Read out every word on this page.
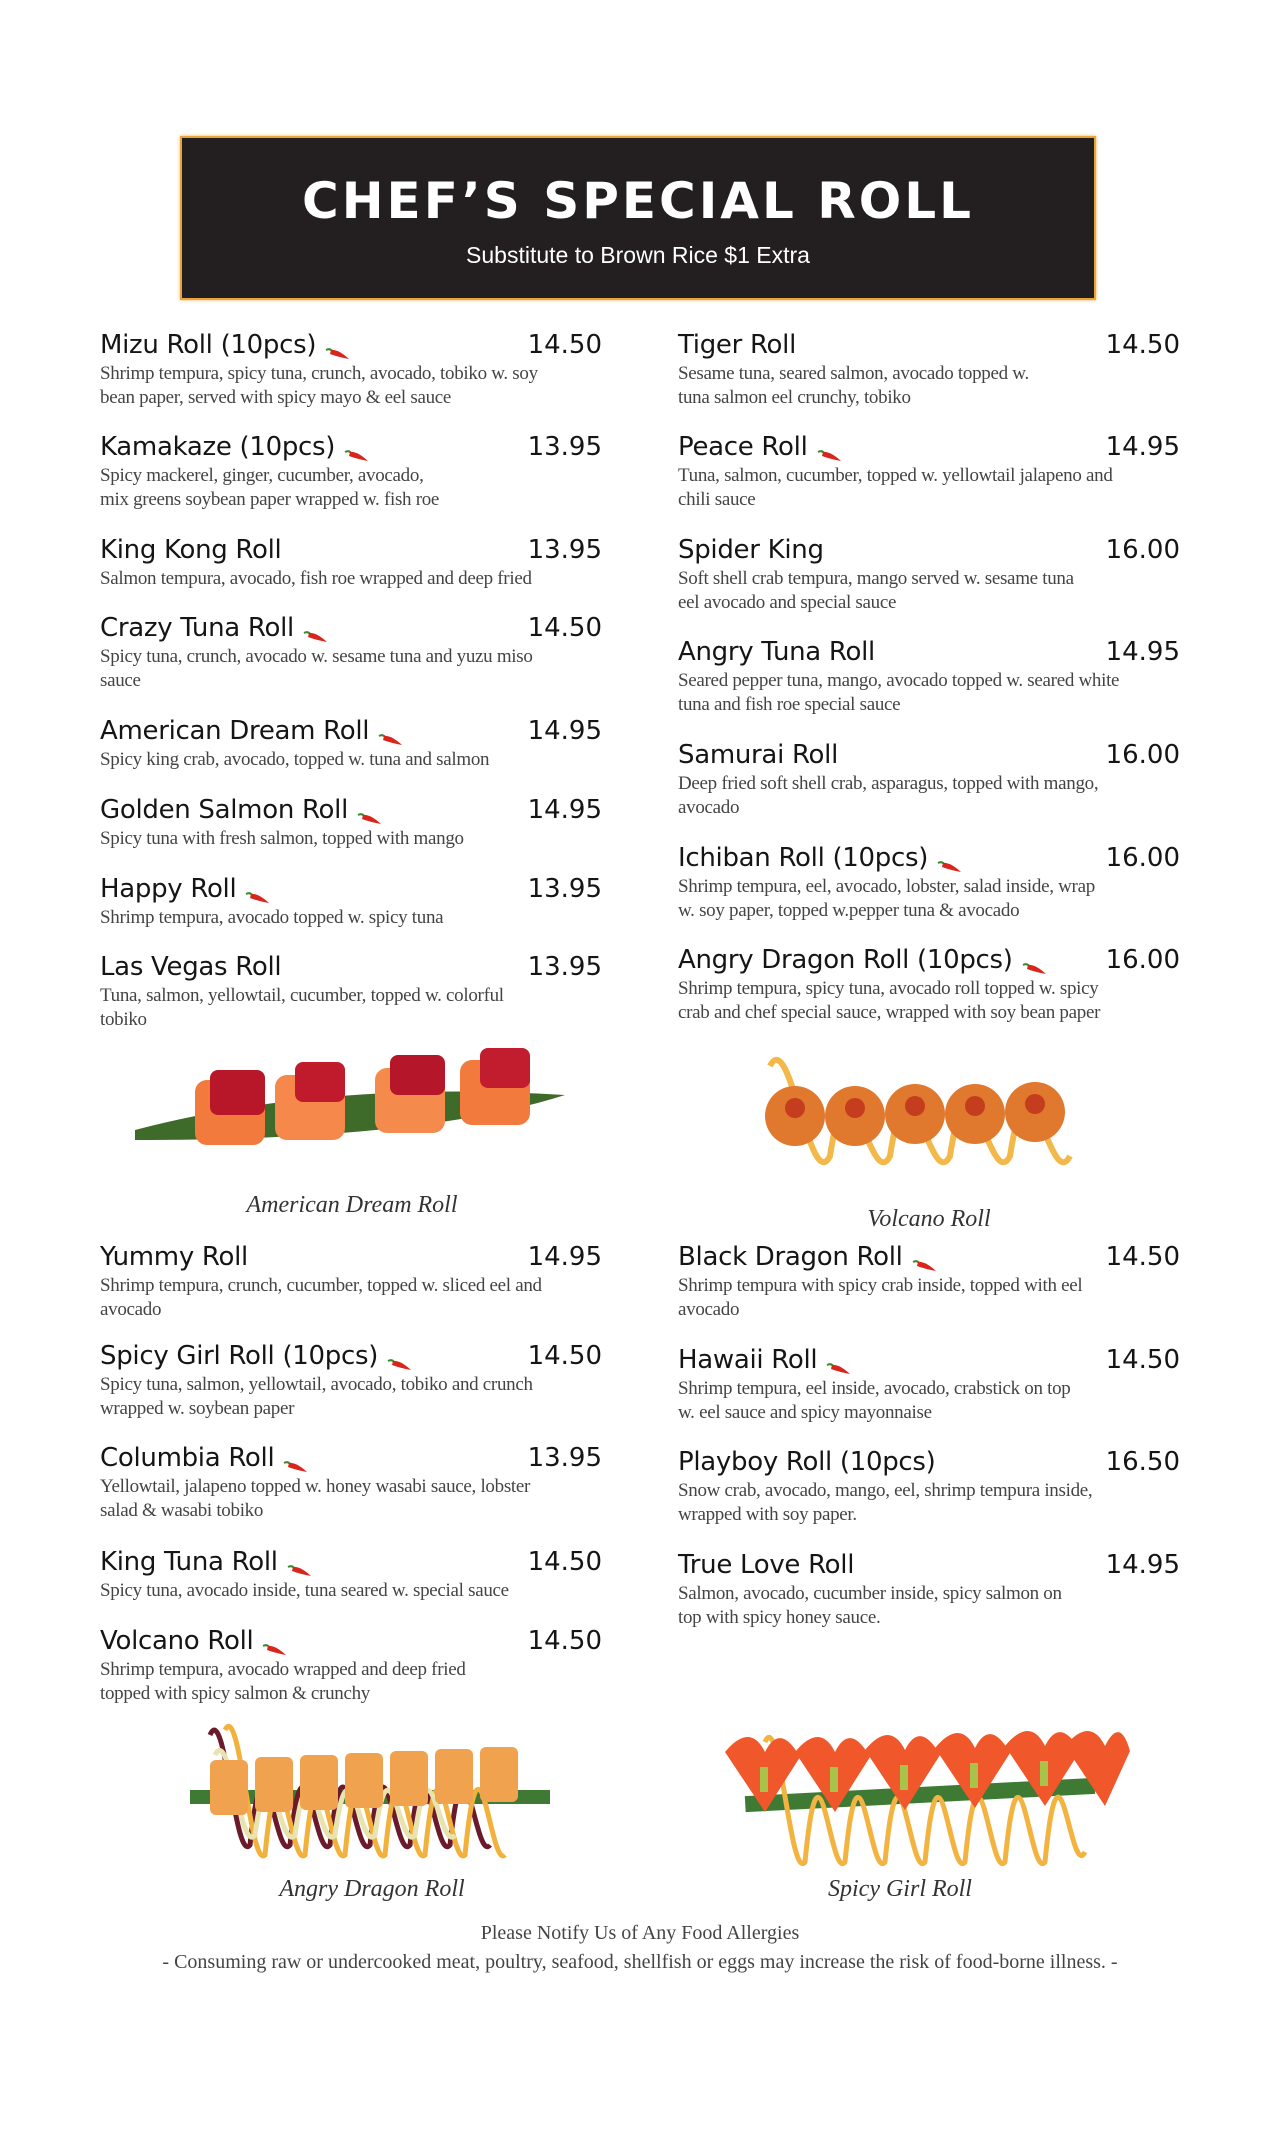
CHEF’S SPECIAL ROLL
Substitute to Brown Rice $1 Extra
Mizu Roll (10pcs)	14.50
Shrimp tempura, spicy tuna, crunch, avocado, tobiko w. soy
bean paper, served with spicy mayo & eel sauce
Kamakaze (10pcs)	13.95
Spicy mackerel, ginger, cucumber, avocado,
mix greens soybean paper wrapped w. fish roe
King Kong Roll	13.95
Salmon tempura, avocado, fish roe wrapped and deep fried
Crazy Tuna Roll	14.50
Spicy tuna, crunch, avocado w. sesame tuna and yuzu miso
sauce
American Dream Roll	14.95
Spicy king crab, avocado, topped w. tuna and salmon
Golden Salmon Roll	14.95
Spicy tuna with fresh salmon, topped with mango
Happy Roll	13.95
Shrimp tempura, avocado topped w. spicy tuna
Las Vegas Roll	13.95
Tuna, salmon, yellowtail, cucumber, topped w. colorful
tobiko
Yummy Roll	14.95
Shrimp tempura, crunch, cucumber, topped w. sliced eel and
avocado
Spicy Girl Roll (10pcs)	14.50
Spicy tuna, salmon, yellowtail, avocado, tobiko and crunch
wrapped w. soybean paper
Columbia Roll	13.95
Yellowtail, jalapeno topped w. honey wasabi sauce, lobster
salad & wasabi tobiko
King Tuna Roll	14.50
Spicy tuna, avocado inside, tuna seared w. special sauce
Volcano Roll	14.50
Shrimp tempura, avocado wrapped and deep fried
topped with spicy salmon & crunchy
Tiger Roll	14.50
Sesame tuna, seared salmon, avocado topped w.
tuna salmon eel crunchy, tobiko
Peace Roll	14.95
Tuna, salmon, cucumber, topped w. yellowtail jalapeno and
chili sauce
Spider King	16.00
Soft shell crab tempura, mango served w. sesame tuna
eel avocado and special sauce
Angry Tuna Roll	14.95
Seared pepper tuna, mango, avocado topped w. seared white
tuna and fish roe special sauce
Samurai Roll	16.00
Deep fried soft shell crab, asparagus, topped with mango,
avocado
Ichiban Roll (10pcs)	16.00
Shrimp tempura, eel, avocado, lobster, salad inside, wrap
w. soy paper, topped w.pepper tuna & avocado
Angry Dragon Roll (10pcs)	16.00
Shrimp tempura, spicy tuna, avocado roll topped w. spicy
crab and chef special sauce, wrapped with soy bean paper
Black Dragon Roll	14.50
Shrimp tempura with spicy crab inside, topped with eel
avocado
Hawaii Roll	14.50
Shrimp tempura, eel inside, avocado, crabstick on top
w. eel sauce and spicy mayonnaise
Playboy Roll (10pcs)	16.50
Snow crab, avocado, mango, eel, shrimp tempura inside,
wrapped with soy paper.
True Love Roll	14.95
Salmon, avocado, cucumber inside, spicy salmon on
top with spicy honey sauce.
American Dream Roll
Volcano Roll
Angry Dragon Roll	Spicy Girl Roll
Please Notify Us of Any Food Allergies
- Consuming raw or undercooked meat, poultry, seafood, shellfish or eggs may increase the risk of food-borne illness. -
